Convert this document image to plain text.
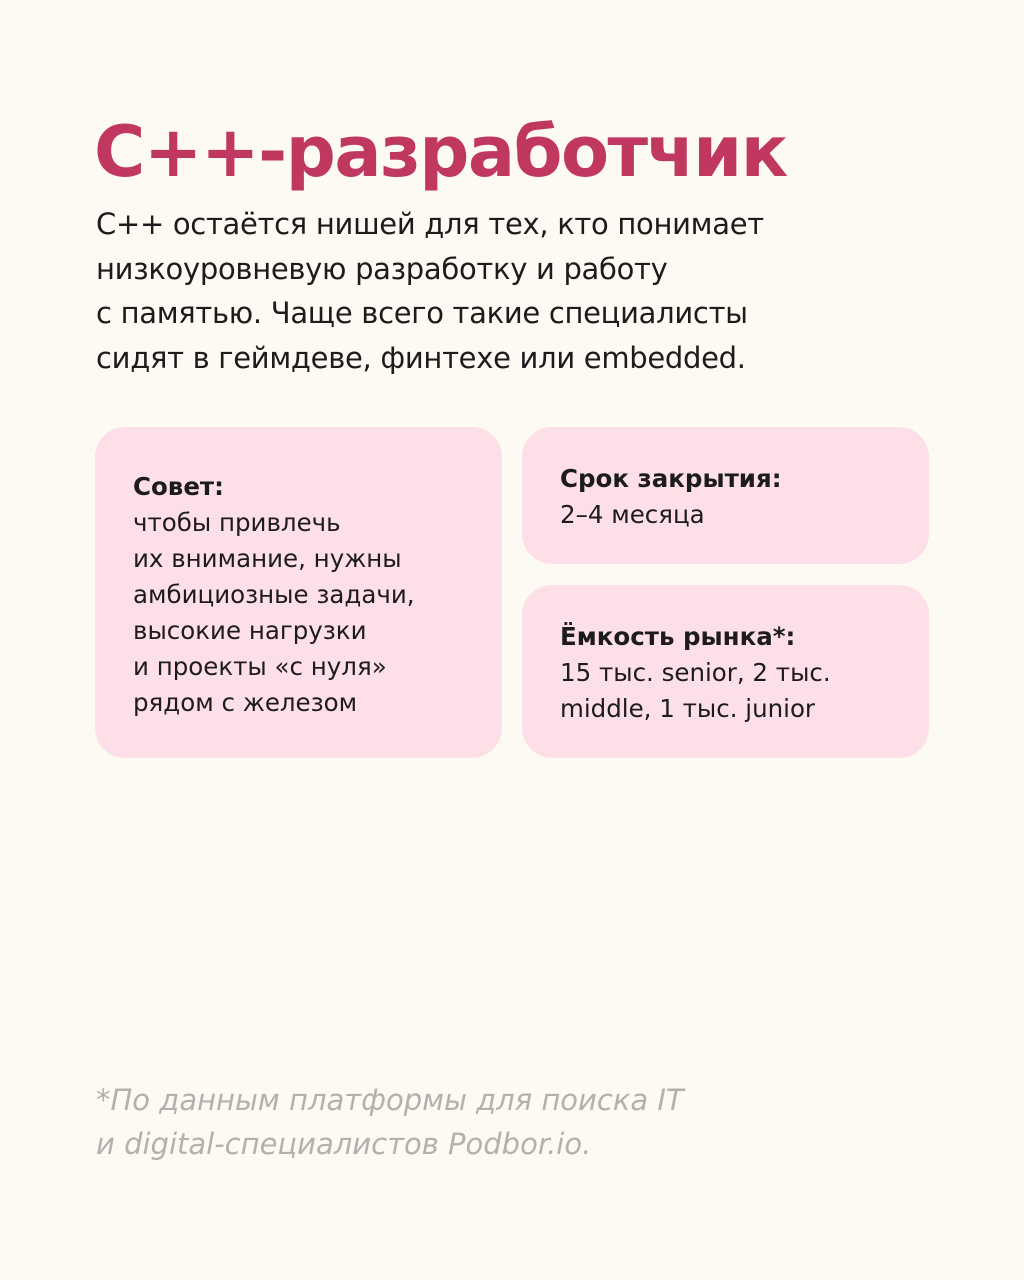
C++-разработчик

C++ остаётся нишей для тех, кто понимает
низкоуровневую разработку и работу
с памятью. Чаще всего такие специалисты
сидят в геймдеве, финтехе или embedded.

Совет:
чтобы привлечь
их внимание, нужны
амбициозные задачи,
высокие нагрузки
и проекты «с нуля»
рядом с железом
Срок закрытия:
2–4 месяца
Ёмкость рынка*:
15 тыс. senior, 2 тыс.
middle, 1 тыс. junior

*По данным платформы для поиска IT
и digital-специалистов Podbor.io.
